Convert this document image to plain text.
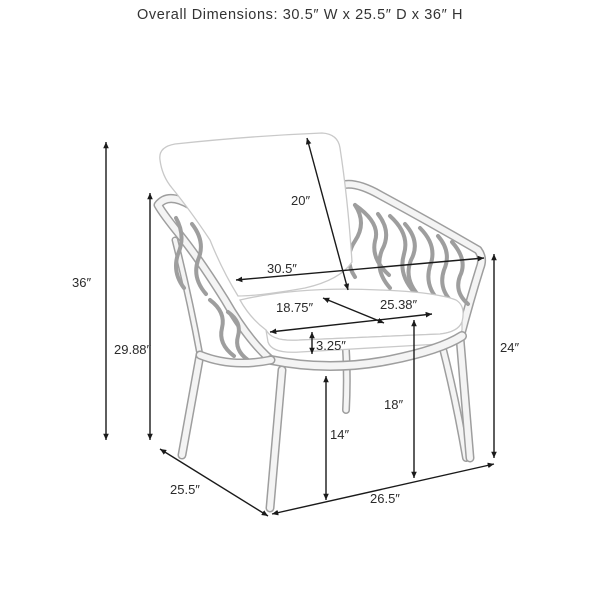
Overall Dimensions: 30.5″ W x 25.5″ D x 36″ H
36″
29.88″
20″
30.5″
18.75″	25.38″
3.25″	24″
18″
14″
25.5″
26.5″
